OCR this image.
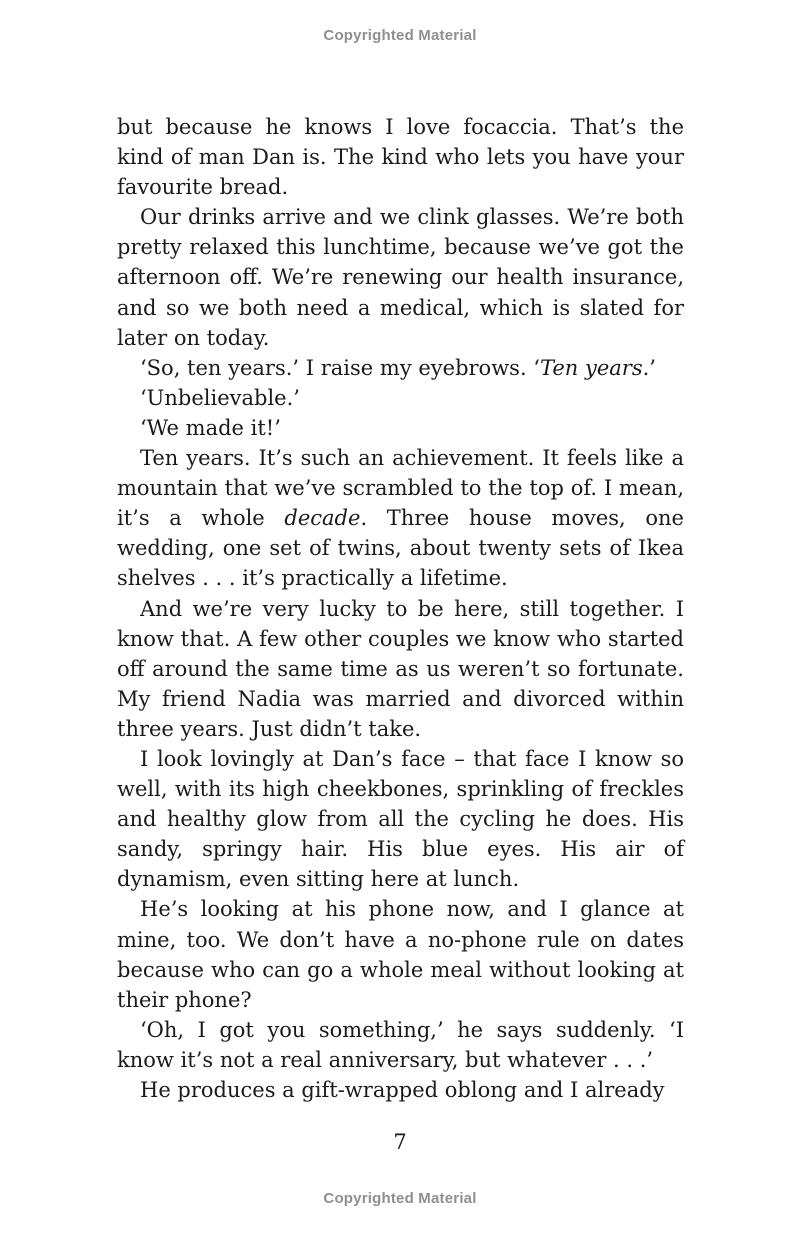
Copyrighted Material

but because he knows I love focaccia. That’s the kind of man Dan is. The kind who lets you have your favourite bread.

Our drinks arrive and we clink glasses. We’re both pretty relaxed this lunchtime, because we’ve got the afternoon off. We’re renewing our health insurance, and so we both need a medical, which is slated for later on today.

‘So, ten years.’ I raise my eyebrows. ‘Ten years.’

‘Unbelievable.’

‘We made it!’

Ten years. It’s such an achievement. It feels like a mountain that we’ve scrambled to the top of. I mean, it’s a whole decade. Three house moves, one wedding, one set of twins, about twenty sets of Ikea shelves . . . it’s practically a lifetime.

And we’re very lucky to be here, still together. I know that. A few other couples we know who started off around the same time as us weren’t so fortunate. My friend Nadia was married and divorced within three years. Just didn’t take.

I look lovingly at Dan’s face – that face I know so well, with its high cheekbones, sprinkling of freckles and healthy glow from all the cycling he does. His sandy, springy hair. His blue eyes. His air of dynamism, even sitting here at lunch.

He’s looking at his phone now, and I glance at mine, too. We don’t have a no-phone rule on dates because who can go a whole meal without looking at their phone?

‘Oh, I got you something,’ he says suddenly. ‘I know it’s not a real anniversary, but whatever . . .’

He produces a gift-wrapped oblong and I already

7
Copyrighted Material
